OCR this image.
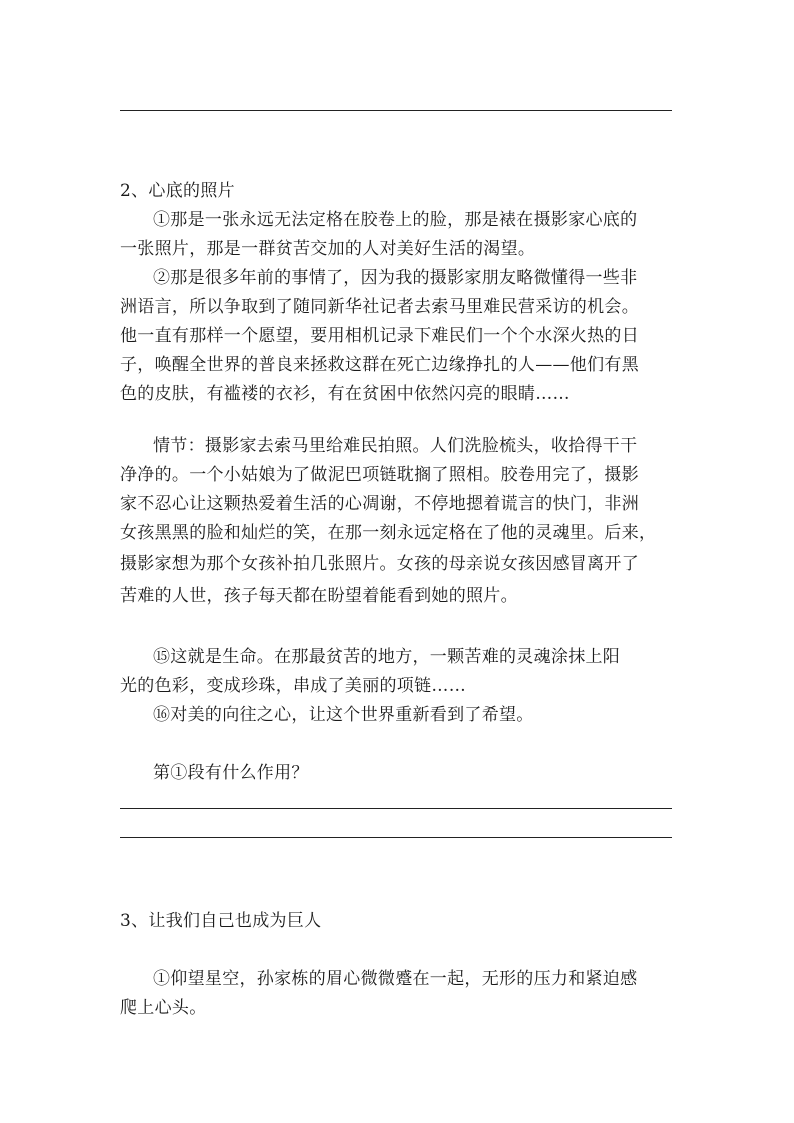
2、心底的照片
①那是一张永远无法定格在胶卷上的脸，那是裱在摄影家心底的
一张照片，那是一群贫苦交加的人对美好生活的渴望。
②那是很多年前的事情了，因为我的摄影家朋友略微懂得一些非
洲语言，所以争取到了随同新华社记者去索马里难民营采访的机会。
他一直有那样一个愿望，要用相机记录下难民们一个个水深火热的日
子，唤醒全世界的普良来拯救这群在死亡边缘挣扎的人——他们有黑
色的皮肤，有褴褛的衣衫，有在贫困中依然闪亮的眼睛……
情节：摄影家去索马里给难民拍照。人们洗脸梳头，收拾得干干
净净的。一个小姑娘为了做泥巴项链耽搁了照相。胶卷用完了，摄影
家不忍心让这颗热爱着生活的心凋谢，不停地摁着谎言的快门，非洲
女孩黑黑的脸和灿烂的笑，在那一刻永远定格在了他的灵魂里。后来，
摄影家想为那个女孩补拍几张照片。女孩的母亲说女孩因感冒离开了
苦难的人世，孩子每天都在盼望着能看到她的照片。
⑮这就是生命。在那最贫苦的地方，一颗苦难的灵魂涂抹上阳
光的色彩，变成珍珠，串成了美丽的项链……
⑯对美的向往之心，让这个世界重新看到了希望。
第①段有什么作用？
3、让我们自己也成为巨人
①仰望星空，孙家栋的眉心微微蹙在一起，无形的压力和紧迫感
爬上心头。
